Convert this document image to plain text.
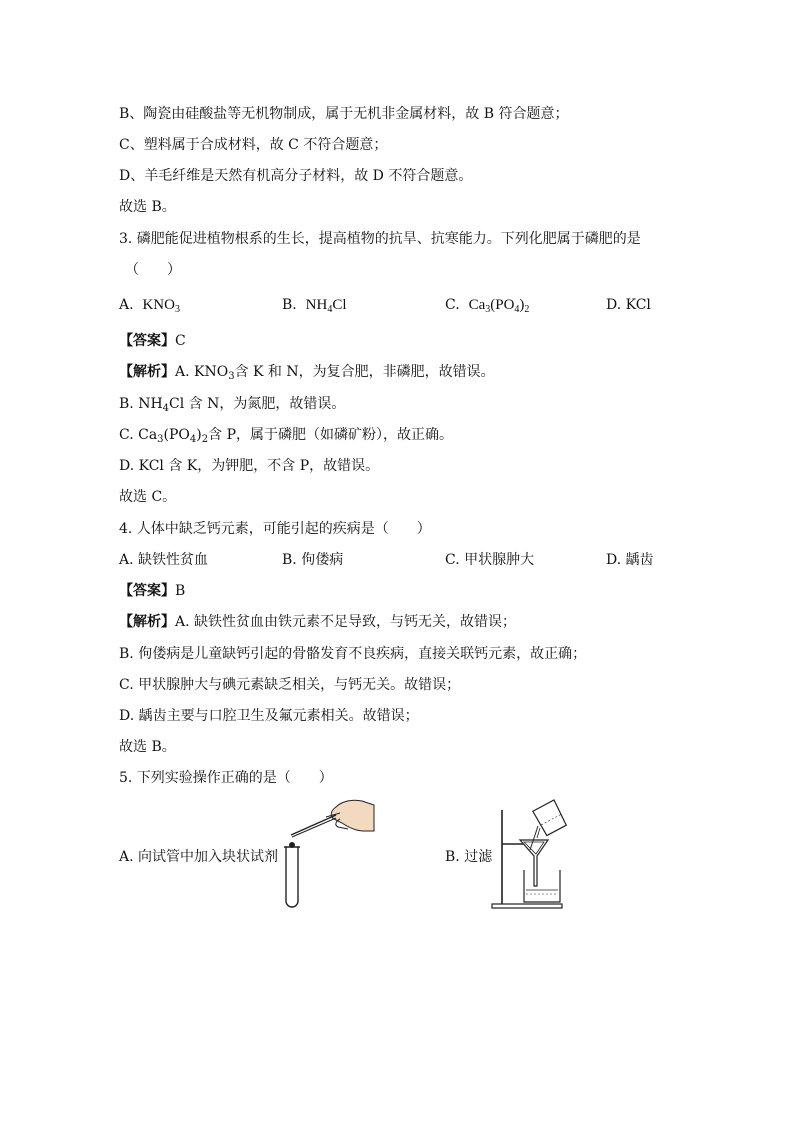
B、陶瓷由硅酸盐等无机物制成，属于无机非金属材料，故 B 符合题意；
C、塑料属于合成材料，故 C 不符合题意；
D、羊毛纤维是天然有机高分子材料，故 D 不符合题意。
故选 B。
3. 磷肥能促进植物根系的生长，提高植物的抗旱、抗寒能力。下列化肥属于磷肥的是
（　　）
A. $KNO_3$	B. $NH_4Cl$	C. $Ca_3(PO_4)_2$	D. KCl
【答案】C
【解析】A. $KNO_3$含 K 和 N，为复合肥，非磷肥，故错误。
B. $NH_4Cl$ 含 N，为氮肥，故错误。
C. $Ca_3(PO_4)_2$含 P，属于磷肥（如磷矿粉），故正确。
D. KCl 含 K，为钾肥，不含 P，故错误。
故选 C。
4. 人体中缺乏钙元素，可能引起的疾病是（　　）
A. 缺铁性贫血	B. 佝偻病	C. 甲状腺肿大	D. 龋齿
【答案】B
【解析】A. 缺铁性贫血由铁元素不足导致，与钙无关，故错误；
B. 佝偻病是儿童缺钙引起的骨骼发育不良疾病，直接关联钙元素，故正确；
C. 甲状腺肿大与碘元素缺乏相关，与钙无关。故错误；
D. 龋齿主要与口腔卫生及氟元素相关。故错误；
故选 B。
5. 下列实验操作正确的是（　　）
A. 向试管中加入块状试剂	B. 过滤
